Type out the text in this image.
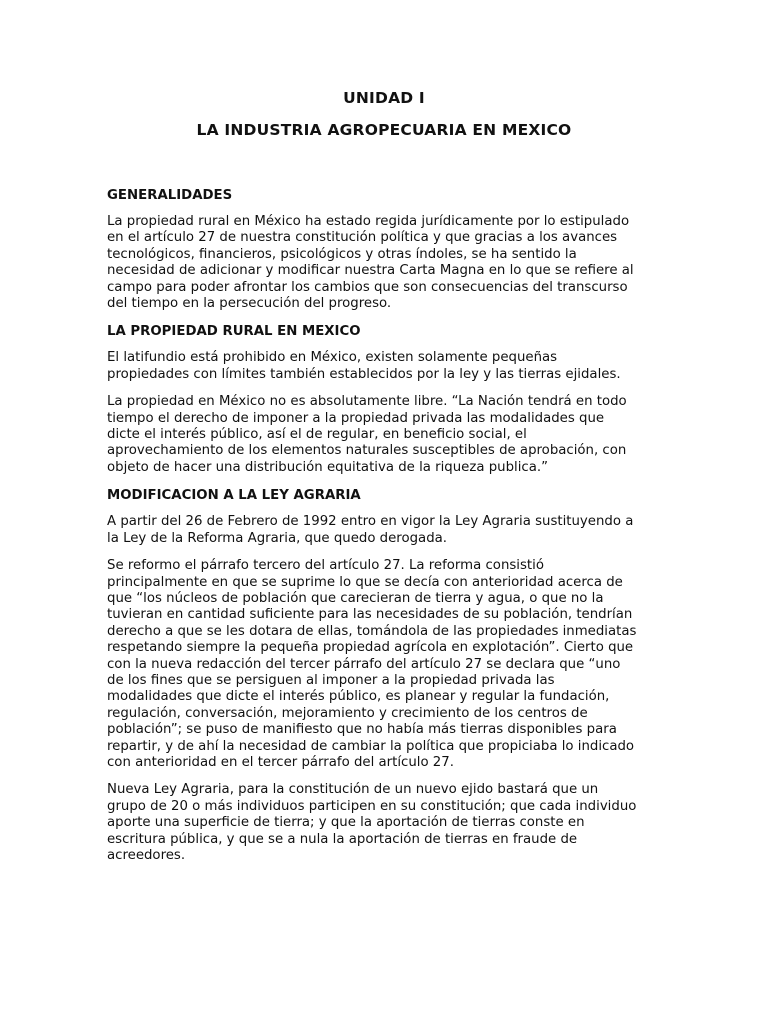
UNIDAD I
LA INDUSTRIA AGROPECUARIA EN MEXICO
GENERALIDADES
La propiedad rural en México ha estado regida jurídicamente por lo estipulado
en el artículo 27 de nuestra constitución política y que gracias a los avances
tecnológicos, financieros, psicológicos y otras índoles, se ha sentido la
necesidad de adicionar y modificar nuestra Carta Magna en lo que se refiere al
campo para poder afrontar los cambios que son consecuencias del transcurso
del tiempo en la persecución del progreso.
LA PROPIEDAD RURAL EN MEXICO
El latifundio está prohibido en México, existen solamente pequeñas
propiedades con límites también establecidos por la ley y las tierras ejidales.
La propiedad en México no es absolutamente libre. “La Nación tendrá en todo
tiempo el derecho de imponer a la propiedad privada las modalidades que
dicte el interés público, así el de regular, en beneficio social, el
aprovechamiento de los elementos naturales susceptibles de aprobación, con
objeto de hacer una distribución equitativa de la riqueza publica.”
MODIFICACION A LA LEY AGRARIA
A partir del 26 de Febrero de 1992 entro en vigor la Ley Agraria sustituyendo a
la Ley de la Reforma Agraria, que quedo derogada.
Se reformo el párrafo tercero del artículo 27. La reforma consistió
principalmente en que se suprime lo que se decía con anterioridad acerca de
que “los núcleos de población que carecieran de tierra y agua, o que no la
tuvieran en cantidad suficiente para las necesidades de su población, tendrían
derecho a que se les dotara de ellas, tomándola de las propiedades inmediatas
respetando siempre la pequeña propiedad agrícola en explotación”. Cierto que
con la nueva redacción del tercer párrafo del artículo 27 se declara que “uno
de los fines que se persiguen al imponer a la propiedad privada las
modalidades que dicte el interés público, es planear y regular la fundación,
regulación, conversación, mejoramiento y crecimiento de los centros de
población”; se puso de manifiesto que no había más tierras disponibles para
repartir, y de ahí la necesidad de cambiar la política que propiciaba lo indicado
con anterioridad en el tercer párrafo del artículo 27.
Nueva Ley Agraria, para la constitución de un nuevo ejido bastará que un
grupo de 20 o más individuos participen en su constitución; que cada individuo
aporte una superficie de tierra; y que la aportación de tierras conste en
escritura pública, y que se a nula la aportación de tierras en fraude de
acreedores.
